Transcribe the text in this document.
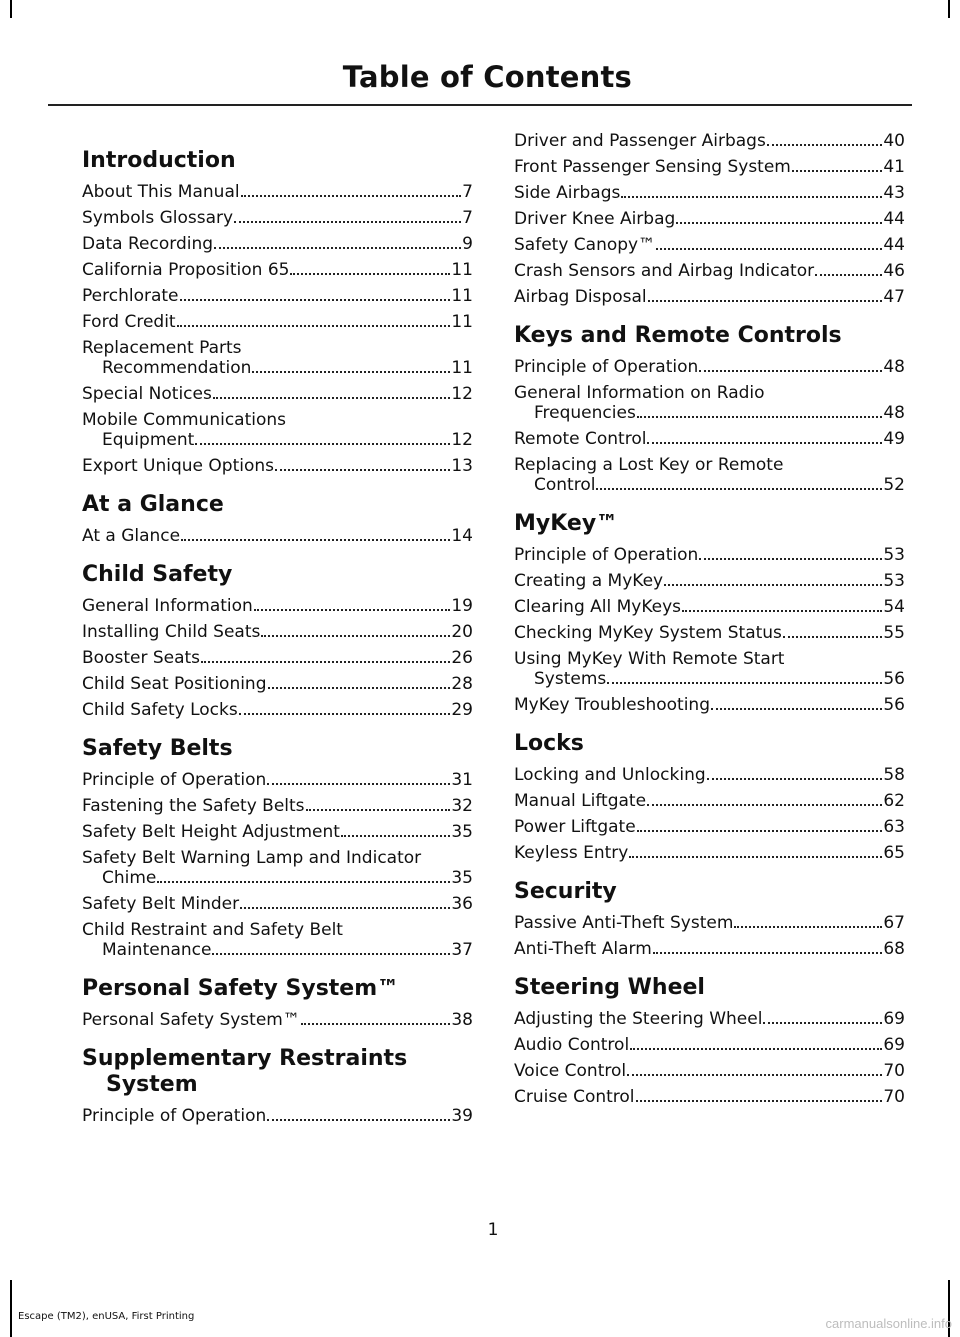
Table of Contents
Introduction
About This Manual	7
Symbols Glossary	7
Data Recording	9
California Proposition 65	11
Perchlorate	11
Ford Credit	11
Replacement Parts
Recommendation	11
Special Notices	12
Mobile Communications
Equipment	12
Export Unique Options	13
At a Glance
At a Glance	14
Child Safety
General Information	19
Installing Child Seats	20
Booster Seats	26
Child Seat Positioning	28
Child Safety Locks	29
Safety Belts
Principle of Operation	31
Fastening the Safety Belts	32
Safety Belt Height Adjustment	35
Safety Belt Warning Lamp and Indicator
Chime	35
Safety Belt Minder	36
Child Restraint and Safety Belt
Maintenance	37
Personal Safety System™
Personal Safety System™	38
Supplementary Restraints System
Principle of Operation	39
Driver and Passenger Airbags	40
Front Passenger Sensing System	41
Side Airbags	43
Driver Knee Airbag	44
Safety Canopy™	44
Crash Sensors and Airbag Indicator	46
Airbag Disposal	47
Keys and Remote Controls
Principle of Operation	48
General Information on Radio
Frequencies	48
Remote Control	49
Replacing a Lost Key or Remote
Control	52
MyKey™
Principle of Operation	53
Creating a MyKey	53
Clearing All MyKeys	54
Checking MyKey System Status	55
Using MyKey With Remote Start
Systems	56
MyKey Troubleshooting	56
Locks
Locking and Unlocking	58
Manual Liftgate	62
Power Liftgate	63
Keyless Entry	65
Security
Passive Anti-Theft System	67
Anti-Theft Alarm	68
Steering Wheel
Adjusting the Steering Wheel	69
Audio Control	69
Voice Control	70
Cruise Control	70
1
Escape (TM2), enUSA, First Printing	carmanualsonline.info
